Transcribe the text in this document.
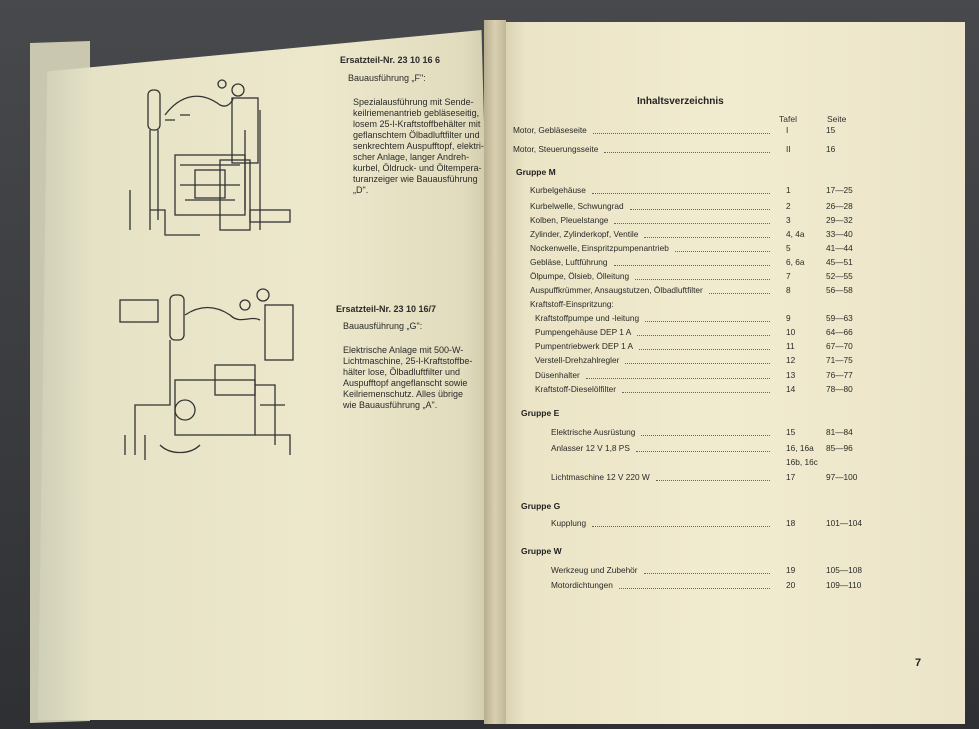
Ersatzteil-Nr. 23 10 16 6
Bauausführung „F":
Spezialausführung mit Sende-
keilriemenantrieb gebläseseitig,
losem 25-l-Kraftstoffbehälter mit
geflanschtem Ölbadluftfilter und
senkrechtem Auspufftopf, elektri-
scher Anlage, langer Andreh-
kurbel, Öldruck- und Öltempera-
turanzeiger wie Bauausführung
„D".
Ersatzteil-Nr. 23 10 16/7
Bauausführung „G":
Elektrische Anlage mit 500-W-
Lichtmaschine, 25-l-Kraftstoffbe-
hälter lose, Ölbadluftfilter und
Auspufftopf angeflanscht sowie
Keilriemenschutz. Alles übrige
wie Bauausführung „A".
Inhaltsverzeichnis
Tafel	Seite
Motor, Gebläseseite	I	15
Motor, Steuerungsseite	II	16
Gruppe M
Kurbelgehäuse	1	17—25
Kurbelwelle, Schwungrad	2	26—28
Kolben, Pleuelstange	3	29—32
Zylinder, Zylinderkopf, Ventile	4, 4a	33—40
Nockenwelle, Einspritzpumpenantrieb	5	41—44
Gebläse, Luftführung	6, 6a	45—51
Ölpumpe, Ölsieb, Ölleitung	7	52—55
Auspuffkrümmer, Ansaugstutzen, Ölbadluftfilter	8	56—58
Kraftstoff-Einspritzung:
Kraftstoffpumpe und -leitung	9	59—63
Pumpengehäuse DEP 1 A	10	64—66
Pumpentriebwerk DEP 1 A	11	67—70
Verstell-Drehzahlregler	12	71—75
Düsenhalter	13	76—77
Kraftstoff-Dieselölfilter	14	78—80
Gruppe E
Elektrische Ausrüstung	15	81—84
Anlasser 12 V 1,8 PS	16, 16a 85—96
16b, 16c
Lichtmaschine 12 V 220 W	17	97—100
Gruppe G
Kupplung	18	101—104
Gruppe W
Werkzeug und Zubehör	19	105—108
Motordichtungen	20	109—110
7
